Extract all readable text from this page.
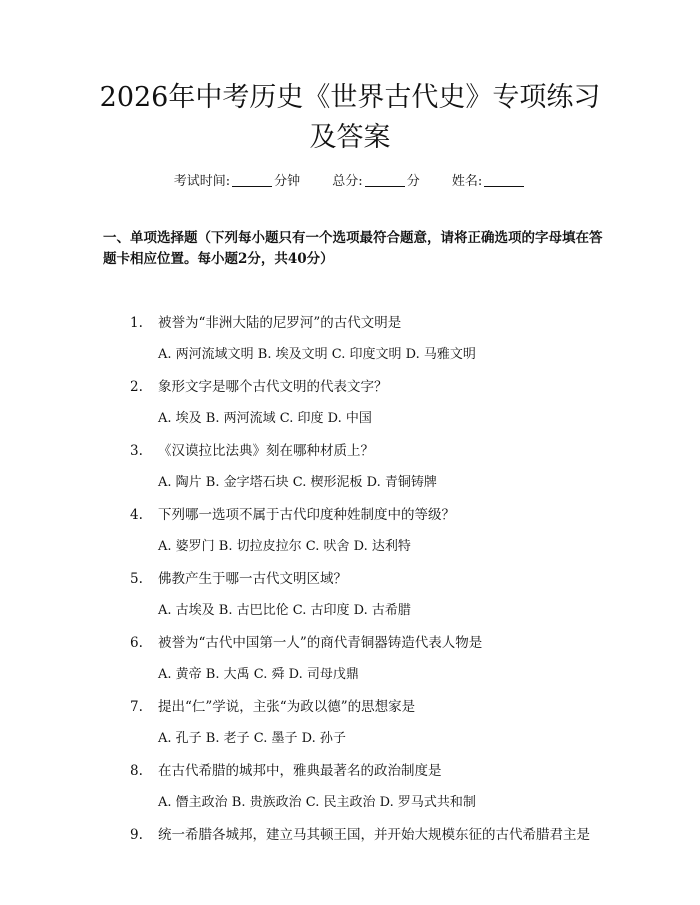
2026年中考历史《世界古代史》专项练习及答案
考试时间:	分钟 总分:	分 姓名:

一、单项选择题（下列每小题只有一个选项最符合题意，请将正确选项的字母填在答题卡相应位置。每小题2分，共40分）

1. 被誉为“非洲大陆的尼罗河”的古代文明是
A. 两河流域文明 B. 埃及文明 C. 印度文明 D. 马雅文明
2. 象形文字是哪个古代文明的代表文字？
A. 埃及 B. 两河流域 C. 印度 D. 中国
3. 《汉谟拉比法典》刻在哪种材质上？
A. 陶片 B. 金字塔石块 C. 楔形泥板 D. 青铜铸牌
4. 下列哪一选项不属于古代印度种姓制度中的等级？
A. 婆罗门 B. 切拉皮拉尔 C. 吠舍 D. 达利特
5. 佛教产生于哪一古代文明区域？
A. 古埃及 B. 古巴比伦 C. 古印度 D. 古希腊
6. 被誉为“古代中国第一人”的商代青铜器铸造代表人物是
A. 黄帝 B. 大禹 C. 舜 D. 司母戊鼎
7. 提出“仁”学说，主张“为政以德”的思想家是
A. 孔子 B. 老子 C. 墨子 D. 孙子
8. 在古代希腊的城邦中，雅典最著名的政治制度是
A. 僭主政治 B. 贵族政治 C. 民主政治 D. 罗马式共和制
9. 统一希腊各城邦，建立马其顿王国，并开始大规模东征的古代希腊君主是
